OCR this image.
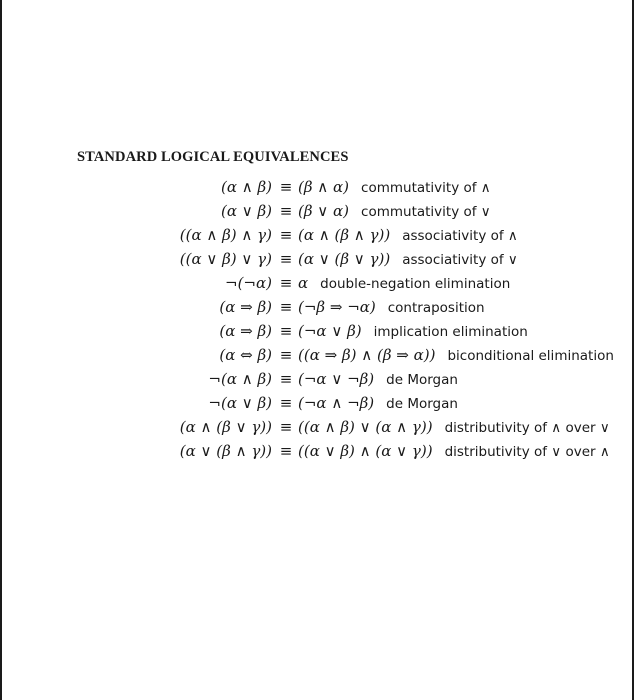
STANDARD LOGICAL EQUIVALENCES
(α ∧ β) ≡ (β ∧ α) commutativity of ∧
(α ∨ β) ≡ (β ∨ α) commutativity of ∨
((α ∧ β) ∧ γ) ≡ (α ∧ (β ∧ γ)) associativity of ∧
((α ∨ β) ∨ γ) ≡ (α ∨ (β ∨ γ)) associativity of ∨
¬(¬α) ≡ α double-negation elimination
(α ⇒ β) ≡ (¬β ⇒ ¬α) contraposition
(α ⇒ β) ≡ (¬α ∨ β) implication elimination
(α ⇔ β) ≡ ((α ⇒ β) ∧ (β ⇒ α)) biconditional elimination
¬(α ∧ β) ≡ (¬α ∨ ¬β) de Morgan
¬(α ∨ β) ≡ (¬α ∧ ¬β) de Morgan
(α ∧ (β ∨ γ)) ≡ ((α ∧ β) ∨ (α ∧ γ)) distributivity of ∧ over ∨
(α ∨ (β ∧ γ)) ≡ ((α ∨ β) ∧ (α ∨ γ)) distributivity of ∨ over ∧
